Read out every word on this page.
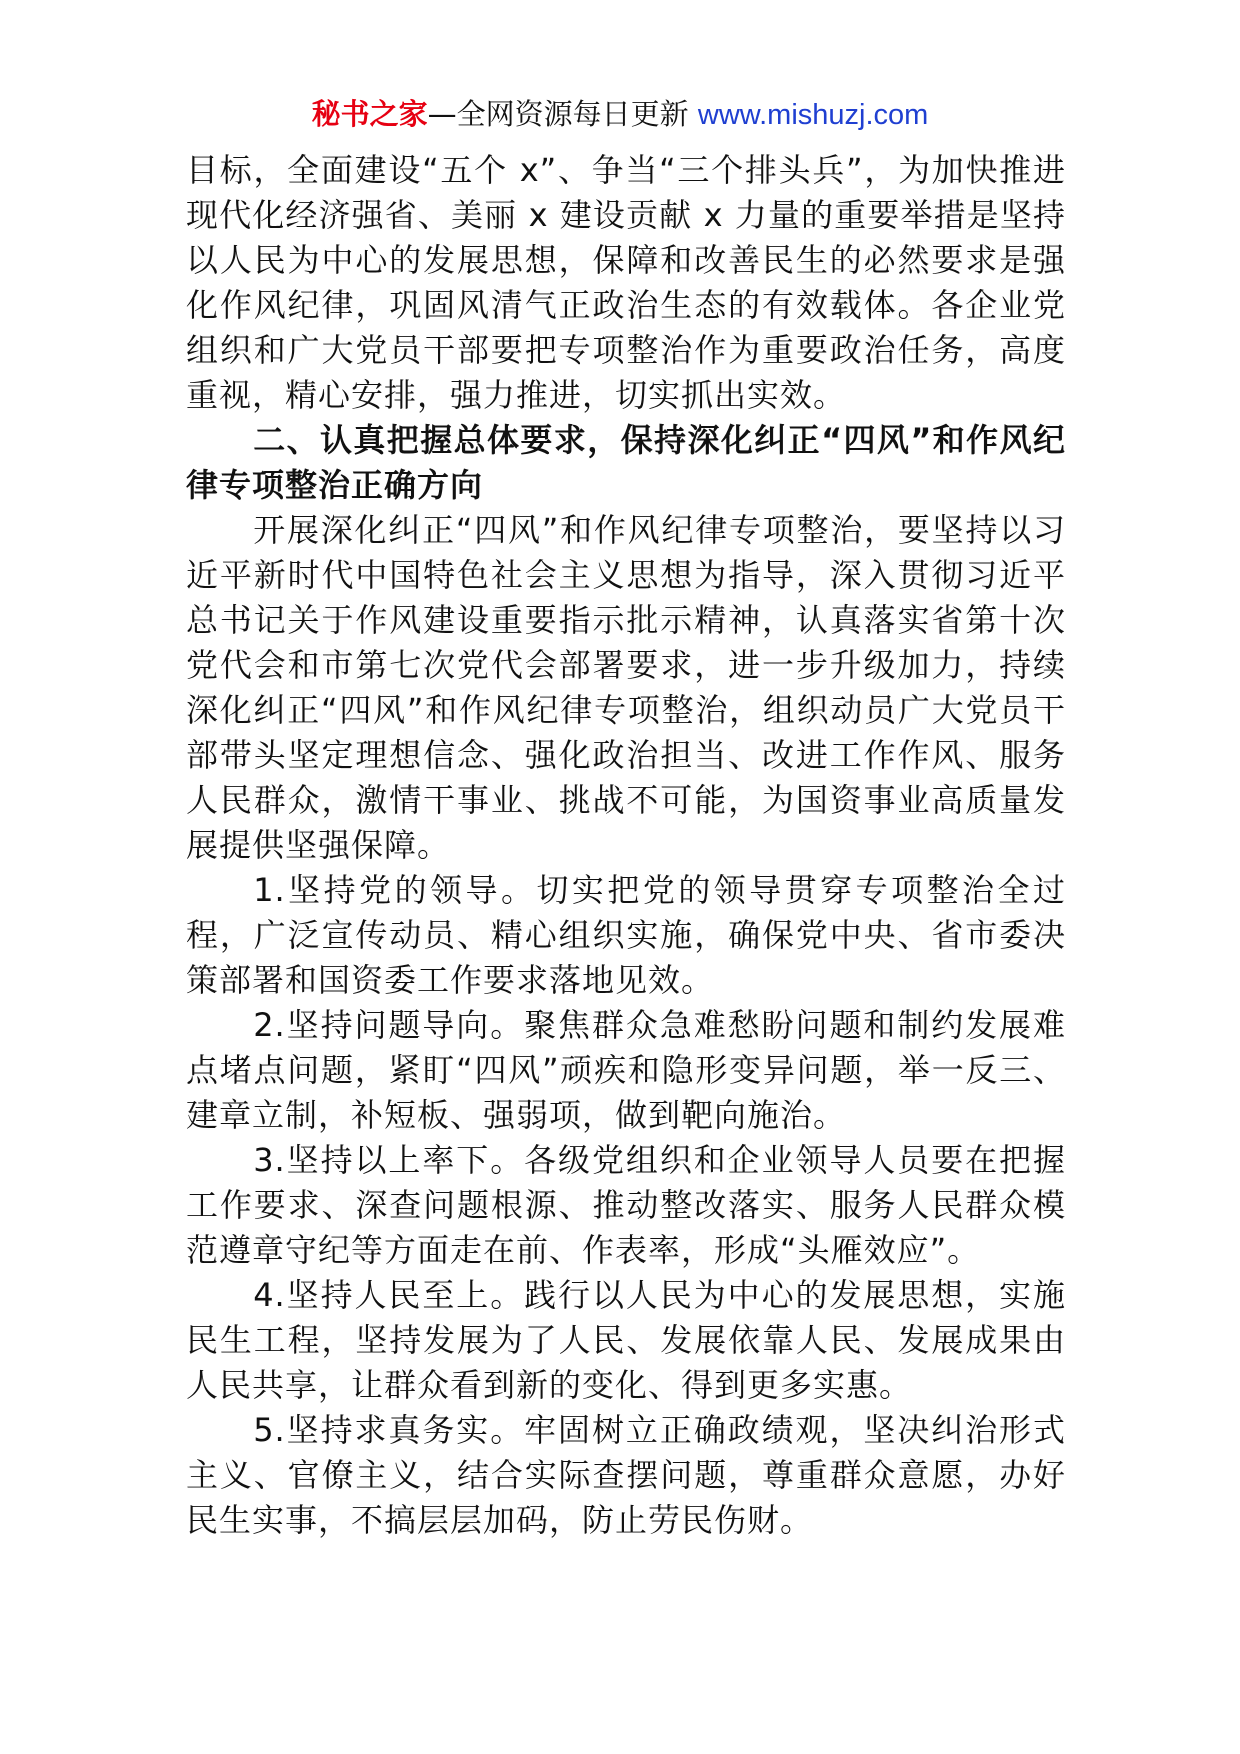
秘书之家—全网资源每日更新 www.mishuzj.com

目标，全面建设“五个 x”、争当“三个排头兵”，为加快推进现代化经济强省、美丽 x 建设贡献 x 力量的重要举措是坚持以人民为中心的发展思想，保障和改善民生的必然要求是强化作风纪律，巩固风清气正政治生态的有效载体。各企业党组织和广大党员干部要把专项整治作为重要政治任务，高度重视，精心安排，强力推进，切实抓出实效。

二、认真把握总体要求，保持深化纠正“四风”和作风纪律专项整治正确方向

开展深化纠正“四风”和作风纪律专项整治，要坚持以习近平新时代中国特色社会主义思想为指导，深入贯彻习近平总书记关于作风建设重要指示批示精神，认真落实省第十次党代会和市第七次党代会部署要求，进一步升级加力，持续深化纠正“四风”和作风纪律专项整治，组织动员广大党员干部带头坚定理想信念、强化政治担当、改进工作作风、服务人民群众，激情干事业、挑战不可能，为国资事业高质量发展提供坚强保障。

1.坚持党的领导。切实把党的领导贯穿专项整治全过程，广泛宣传动员、精心组织实施，确保党中央、省市委决策部署和国资委工作要求落地见效。

2.坚持问题导向。聚焦群众急难愁盼问题和制约发展难点堵点问题，紧盯“四风”顽疾和隐形变异问题，举一反三、建章立制，补短板、强弱项，做到靶向施治。

3.坚持以上率下。各级党组织和企业领导人员要在把握工作要求、深查问题根源、推动整改落实、服务人民群众模范遵章守纪等方面走在前、作表率，形成“头雁效应”。

4.坚持人民至上。践行以人民为中心的发展思想，实施民生工程，坚持发展为了人民、发展依靠人民、发展成果由人民共享，让群众看到新的变化、得到更多实惠。

5.坚持求真务实。牢固树立正确政绩观，坚决纠治形式主义、官僚主义，结合实际查摆问题，尊重群众意愿，办好民生实事，不搞层层加码，防止劳民伤财。
